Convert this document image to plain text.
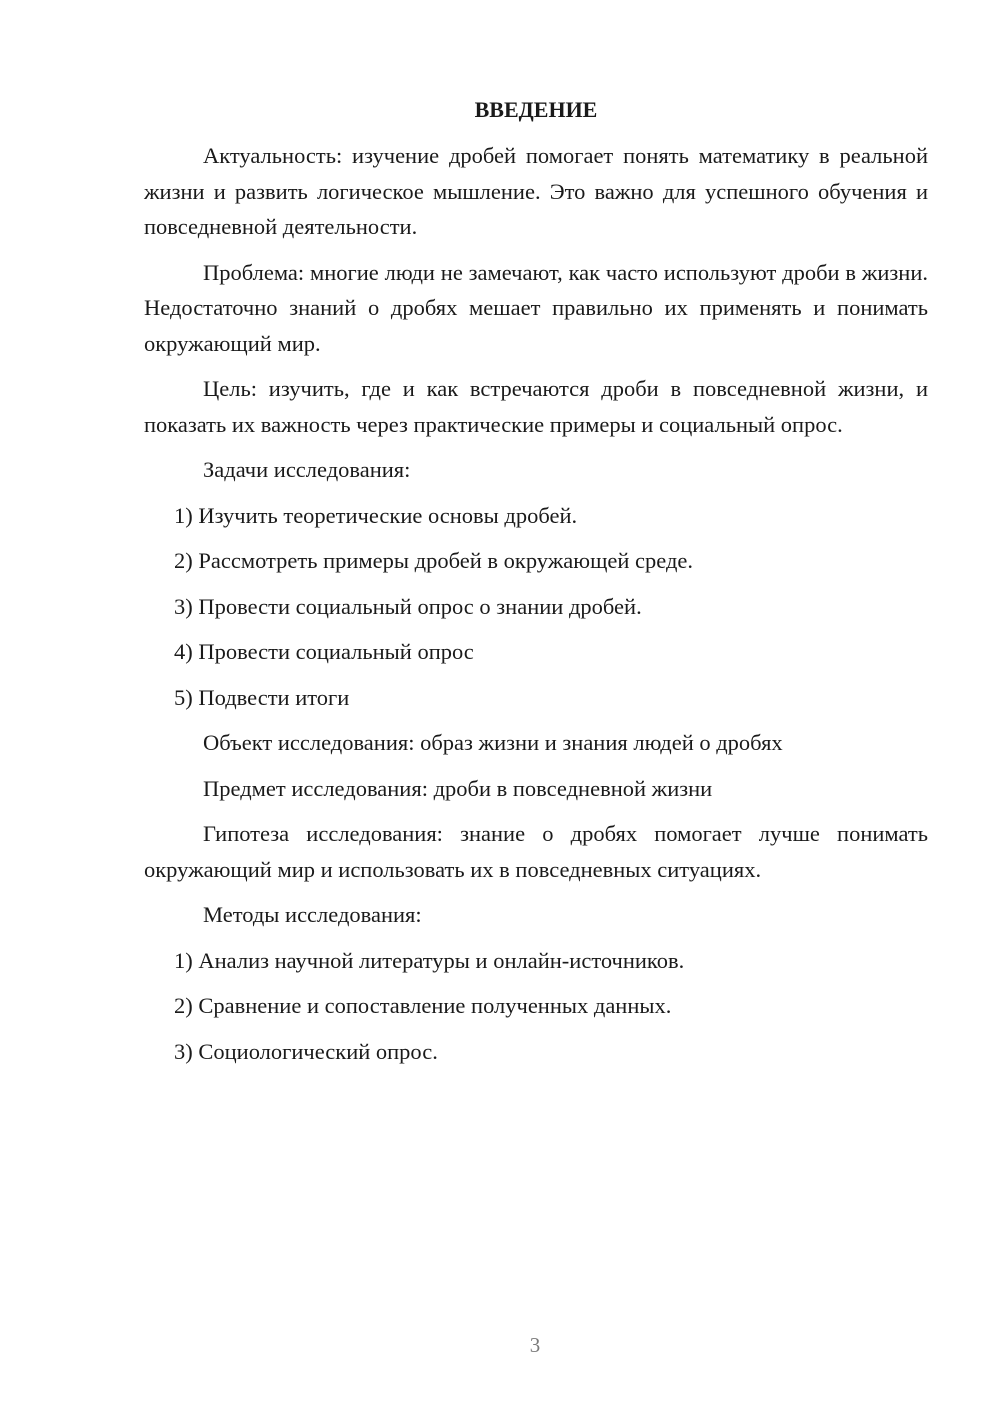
ВВЕДЕНИЕ

Актуальность: изучение дробей помогает понять математику в реальной жизни и развить логическое мышление. Это важно для успешного обучения и повседневной деятельности.

Проблема: многие люди не замечают, как часто используют дроби в жизни. Недостаточно знаний о дробях мешает правильно их применять и понимать окружающий мир.

Цель: изучить, где и как встречаются дроби в повседневной жизни, и показать их важность через практические примеры и социальный опрос.

Задачи исследования:

1) Изучить теоретические основы дробей.

2) Рассмотреть примеры дробей в окружающей среде.

3) Провести социальный опрос о знании дробей.

4) Провести социальный опрос

5) Подвести итоги

Объект исследования: образ жизни и знания людей о дробях

Предмет исследования: дроби в повседневной жизни

Гипотеза исследования: знание о дробях помогает лучше понимать окружающий мир и использовать их в повседневных ситуациях.

Методы исследования:

1) Анализ научной литературы и онлайн-источников.

2) Сравнение и сопоставление полученных данных.

3) Социологический опрос.

3
